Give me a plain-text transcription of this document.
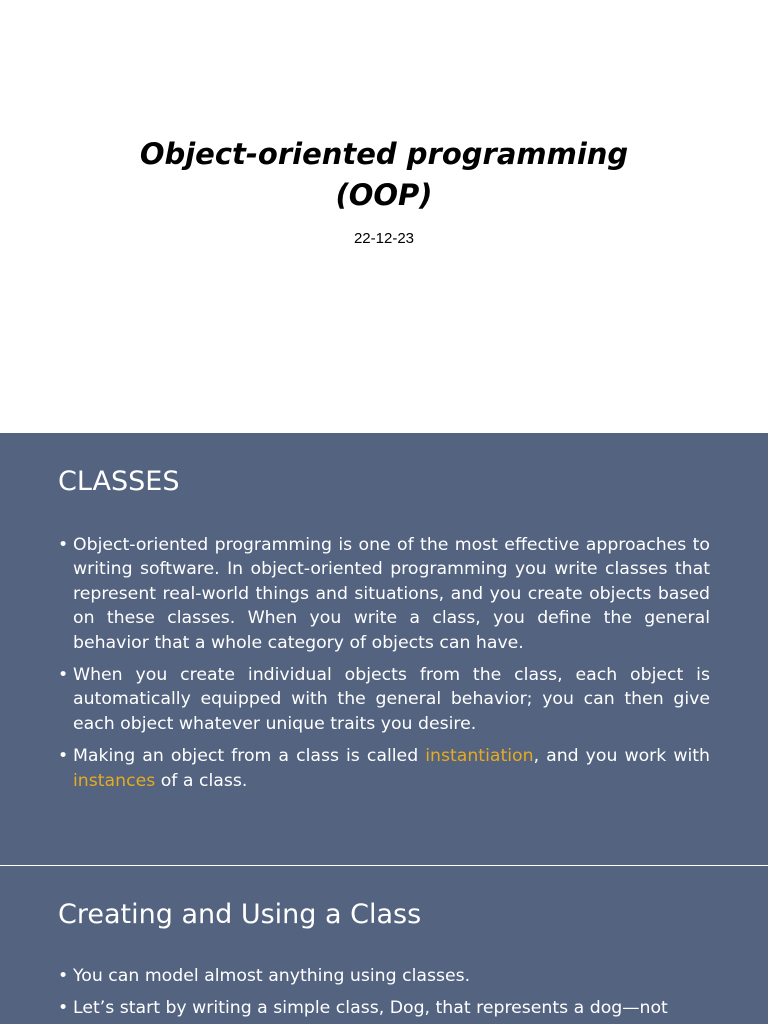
Object-oriented programming
(OOP)
22-12-23
CLASSES
• Object-oriented programming is one of the most effective approaches to writing software. In object-oriented programming you write classes that represent real-world things and situations, and you create objects based on these classes. When you write a class, you define the general behavior that a whole category of objects can have.
• When you create individual objects from the class, each object is automatically equipped with the general behavior; you can then give each object whatever unique traits you desire.
• Making an object from a class is called instantiation, and you work with instances of a class.
Creating and Using a Class
• You can model almost anything using classes.
• Let’s start by writing a simple class, Dog, that represents a dog—not
